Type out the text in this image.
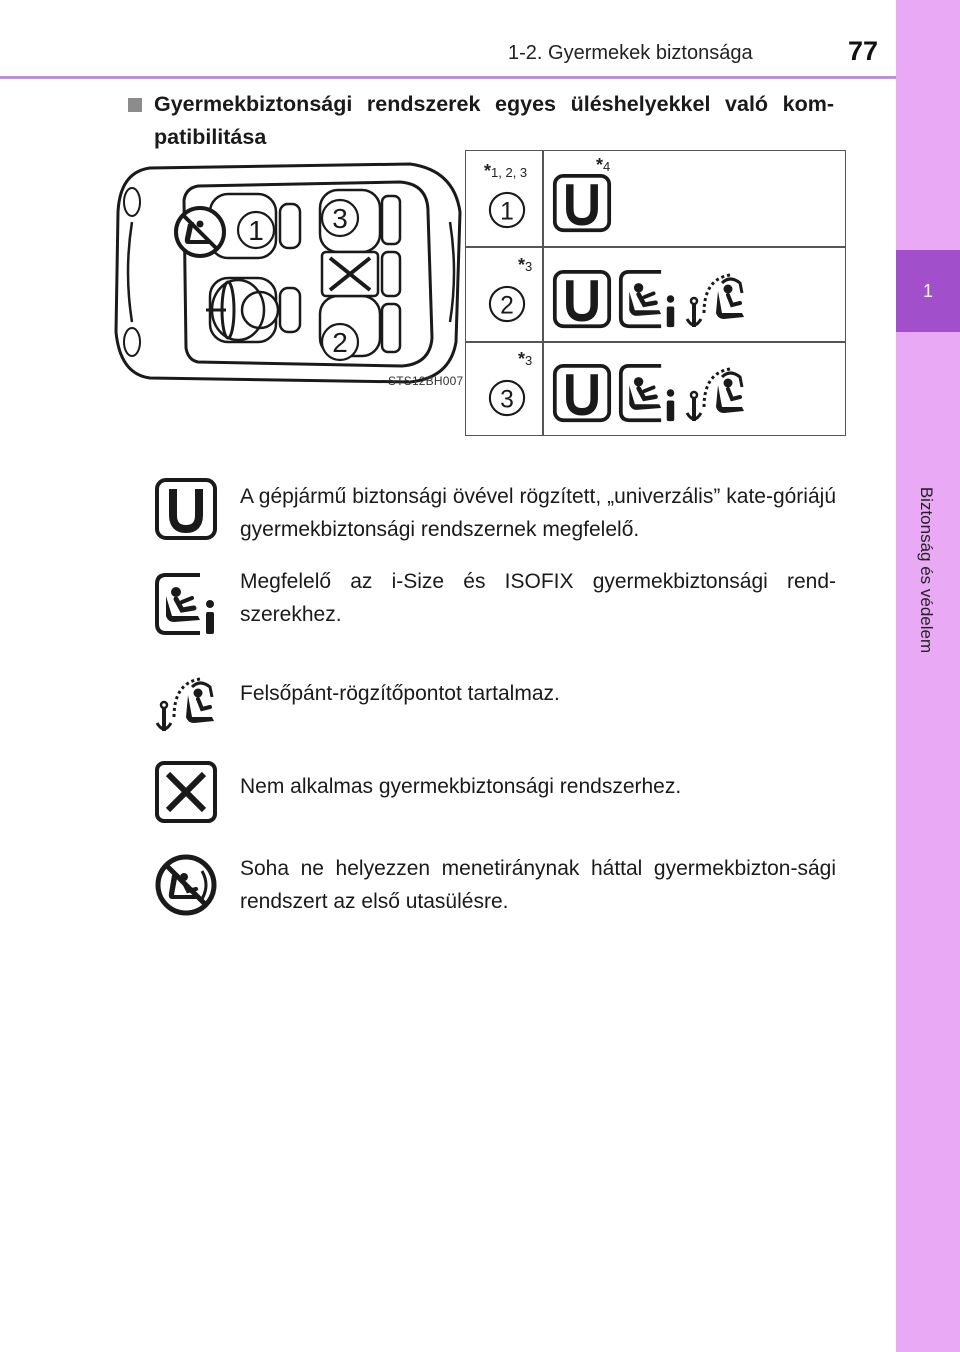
1-2. Gyermekek biztonsága	77
1
Biztonság és védelem
Gyermekbiztonsági rendszerek egyes üléshelyekkel való kom-patibilitása
1
2
3
STS12BH007
*1, 2, 3	*4
1
*3
2
*3
3
A gépjármű biztonsági övével rögzített, „univerzális” kate-góriájú gyermekbiztonsági rendszernek megfelelő.
Megfelelő az i-Size és ISOFIX gyermekbiztonsági rend-szerekhez.
Felsőpánt-rögzítőpontot tartalmaz.
Nem alkalmas gyermekbiztonsági rendszerhez.
Soha ne helyezzen menetiránynak háttal gyermekbizton-sági rendszert az első utasülésre.
